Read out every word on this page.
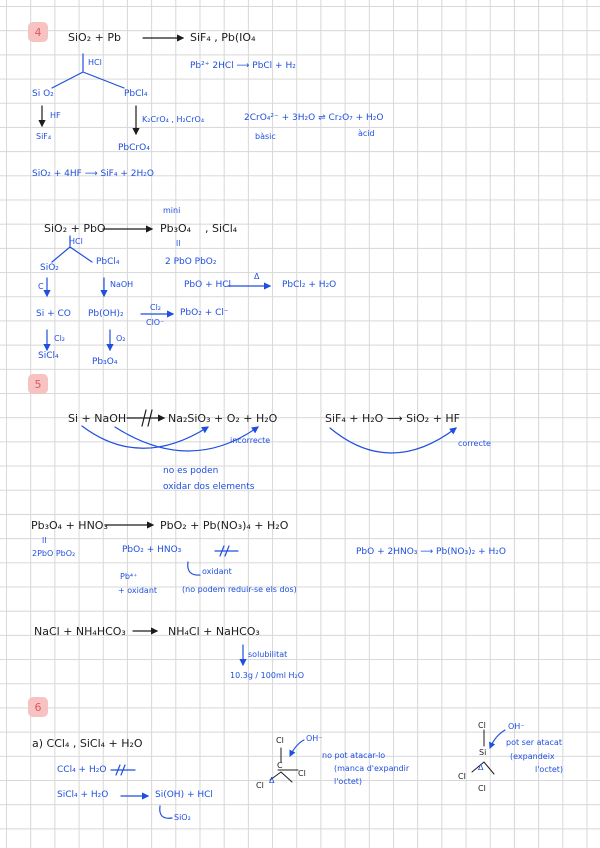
4
5
6
SiO₂ + Pb	SiF₄ , Pb(IO₄
HCl
Si O₂	PbCl₄
HF
SiF₄
K₂CrO₄ , H₂CrO₄
PbCrO₄
Pb²⁺ 2HCl ⟶ PbCl + H₂
2CrO₄²⁻ + 3H₂O ⇌ Cr₂O₇ + H₂O
bàsic	àcid
SiO₂ + 4HF ⟶ SiF₄ + 2H₂O
SiO₂ + PbO
mini
Pb₃O₄ , SiCl₄
ll
HCl
SiO₂
PbCl₄	2 PbO PbO₂
C	NaOH	PbO + HCl
Δ
PbCl₂ + H₂O
Si + CO Pb(OH)₂
Cl₂
ClO⁻
PbO₂ + Cl⁻
Cl₂	O₂
SiCl₄
Pb₃O₄
Si + NaOH	Na₂SiO₃ + O₂ + H₂O
incorrecte
no es poden
oxidar dos elements
SiF₄ + H₂O ⟶ SiO₂ + HF
correcte
Pb₃O₄ + HNO₃	PbO₂ + Pb(NO₃)₄ + H₂O
ll
2PbO PbO₂	PbO₂ + HNO₃
oxidant
Pb⁴⁺
+ oxidant	(no podem reduir-se els dos)
PbO + 2HNO₃ ⟶ Pb(NO₃)₂ + H₂O
NaCl + NH₄HCO₃	NH₄Cl + NaHCO₃
solubilitat
10.3g / 100ml H₂O
a) CCl₄ , SiCl₄ + H₂O
CCl₄ + H₂O
SiCl₄ + H₂O	Si(OH) + HCl
SiO₂
Cl
C
Cl
Cl
Δ
OH⁻
no pot atacar-lo
(manca d'expandir
l'octet)
Cl
Si
Cl
Cl
Δ
OH⁻
pot ser atacat
(expandeix
l'octet)
